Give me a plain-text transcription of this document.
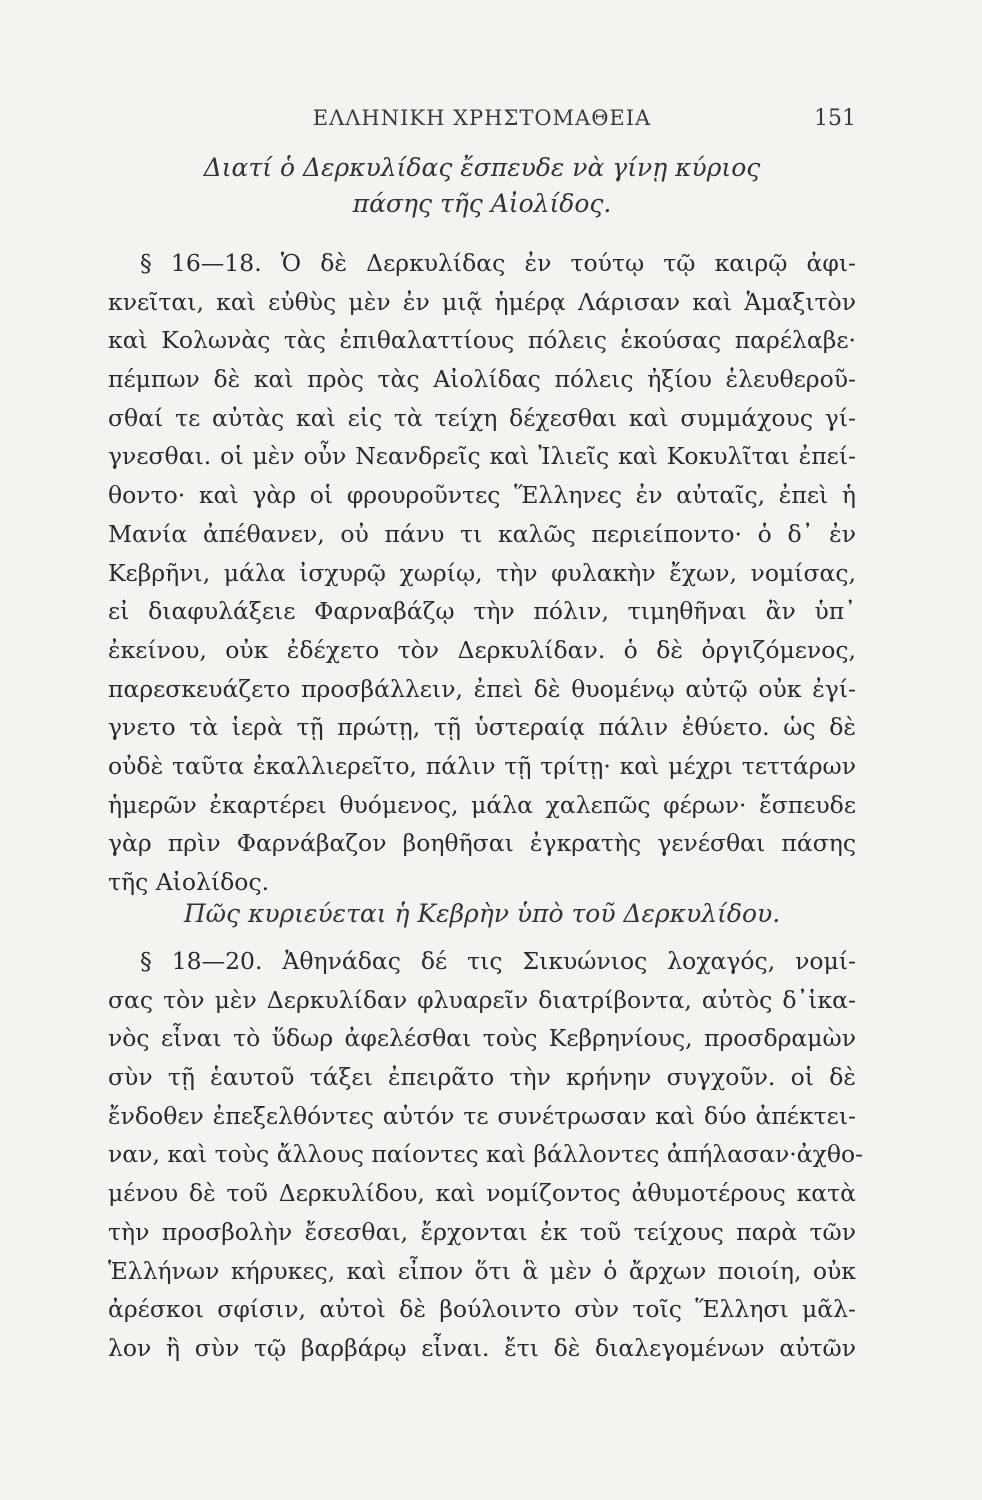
ΕΛΛΗΝΙΚΗ ΧΡΗΣΤΟΜΑΘΕΙΑ	151
Διατί ὁ Δερκυλίδας ἔσπευδε νὰ γίνῃ κύριος
πάσης τῆς Αἰολίδος.
§ 16—18. Ὁ δὲ Δερκυλίδας ἐν τούτῳ τῷ καιρῷ ἀφι-
κνεῖται, καὶ εὐθὺς μὲν ἐν μιᾷ ἡμέρᾳ Λάρισαν καὶ Ἁμαξιτὸν
καὶ Κολωνὰς τὰς ἐπιθαλαττίους πόλεις ἑκούσας παρέλαβε·
πέμπων δὲ καὶ πρὸς τὰς Αἰολίδας πόλεις ἠξίου ἐλευθεροῦ-
σθαί τε αὐτὰς καὶ εἰς τὰ τείχη δέχεσθαι καὶ συμμάχους γί-
γνεσθαι. οἱ μὲν οὖν Νεανδρεῖς καὶ Ἰλιεῖς καὶ Κοκυλῖται ἐπεί-
θοντο· καὶ γὰρ οἱ φρουροῦντες Ἕλληνες ἐν αὐταῖς, ἐπεὶ ἡ
Μανία ἀπέθανεν, οὐ πάνυ τι καλῶς περιείποντο· ὁ δ᾽ ἐν
Κεβρῆνι, μάλα ἰσχυρῷ χωρίῳ, τὴν φυλακὴν ἔχων, νομίσας,
εἰ διαφυλάξειε Φαρναβάζῳ τὴν πόλιν, τιμηθῆναι ἂν ὑπ᾽
ἐκείνου, οὐκ ἐδέχετο τὸν Δερκυλίδαν. ὁ δὲ ὀργιζόμενος,
παρεσκευάζετο προσβάλλειν, ἐπεὶ δὲ θυομένῳ αὐτῷ οὐκ ἐγί-
γνετο τὰ ἱερὰ τῇ πρώτῃ, τῇ ὑστεραίᾳ πάλιν ἐθύετο. ὡς δὲ
οὐδὲ ταῦτα ἐκαλλιερεῖτο, πάλιν τῇ τρίτῃ· καὶ μέχρι τεττάρων
ἡμερῶν ἐκαρτέρει θυόμενος, μάλα χαλεπῶς φέρων· ἔσπευδε
γὰρ πρὶν Φαρνάβαζον βοηθῆσαι ἐγκρατὴς γενέσθαι πάσης
τῆς Αἰολίδος.
Πῶς κυριεύεται ἡ Κεβρὴν ὑπὸ τοῦ Δερκυλίδου.
§ 18—20. Ἀθηνάδας δέ τις Σικυώνιος λοχαγός, νομί-
σας τὸν μὲν Δερκυλίδαν φλυαρεῖν διατρίβοντα, αὐτὸς δ᾽ἱκα-
νὸς εἶναι τὸ ὕδωρ ἀφελέσθαι τοὺς Κεβρηνίους, προσδραμὼν
σὺν τῇ ἑαυτοῦ τάξει ἐπειρᾶτο τὴν κρήνην συγχοῦν. οἱ δὲ
ἔνδοθεν ἐπεξελθόντες αὐτόν τε συνέτρωσαν καὶ δύο ἀπέκτει-
ναν, καὶ τοὺς ἄλλους παίοντες καὶ βάλλοντες ἀπήλασαν·ἀχθο-
μένου δὲ τοῦ Δερκυλίδου, καὶ νομίζοντος ἀθυμοτέρους κατὰ
τὴν προσβολὴν ἔσεσθαι, ἔρχονται ἐκ τοῦ τείχους παρὰ τῶν
Ἑλλήνων κήρυκες, καὶ εἶπον ὅτι ἃ μὲν ὁ ἄρχων ποιοίη, οὐκ
ἀρέσκοι σφίσιν, αὐτοὶ δὲ βούλοιντο σὺν τοῖς Ἕλλησι μᾶλ-
λον ἢ σὺν τῷ βαρβάρῳ εἶναι. ἔτι δὲ διαλεγομένων αὐτῶν
